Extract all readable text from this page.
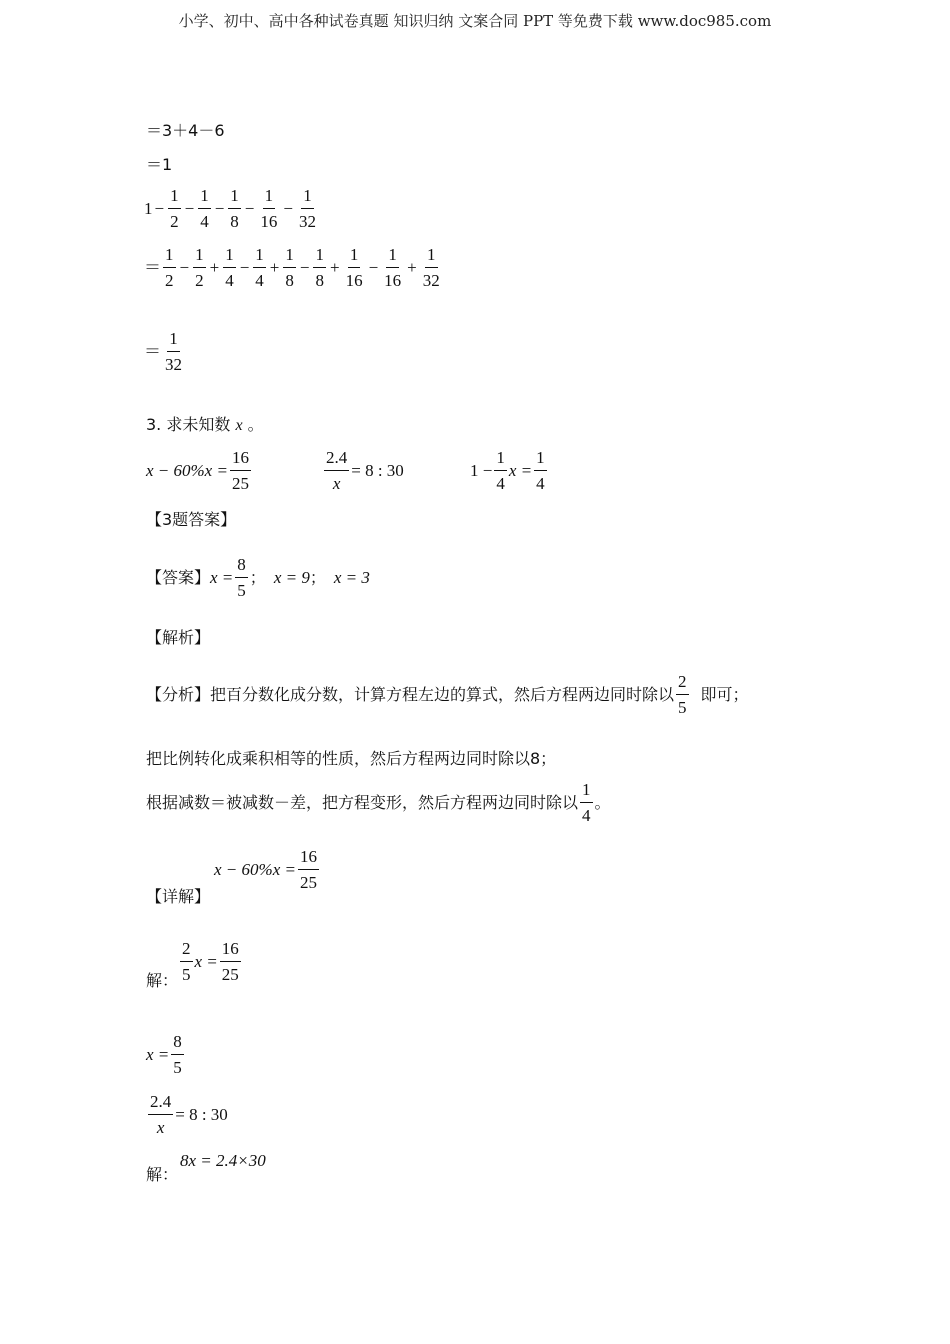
小学、初中、高中各种试卷真题 知识归纳 文案合同 PPT 等免费下载 www.doc985.com
＝3＋4－6
＝1
$1 - \frac{1}{2} - \frac{1}{4} - \frac{1}{8} - \frac{1}{16} - \frac{1}{32}$
＝ $\frac{1}{2} - \frac{1}{2} + \frac{1}{4} - \frac{1}{4} + \frac{1}{8} - \frac{1}{8} + \frac{1}{16} - \frac{1}{16} + \frac{1}{32}$
＝ $\frac{1}{32}$
3. 求未知数 x 。
$x - 60\%x = \frac{16}{25}$	$\frac{2.4}{x} = 8$ : 30	$1 - \frac{1}{4}$ $x = \frac{1}{4}$
【3题答案】
【答案】 $x = \frac{8}{5}$ ； x = 9 ； x = 3
【解析】
【分析】 把百分数化成分数，计算方程左边的算式，然后方程两边同时除以 $\frac{2}{5}$ 即可；
把比例转化成乘积相等的性质，然后方程两边同时除以8；
根据减数＝被减数－差，把方程变形，然后方程两边同时除以 $\frac{1}{4}$ 。
【详解】
$x - 60\%x = \frac{16}{25}$
解： $\frac{2}{5}$ $x = \frac{16}{25}$
$x = \frac{8}{5}$
$\frac{2.4}{x} = 8$ : 30
解：
8x = 2.4×30
